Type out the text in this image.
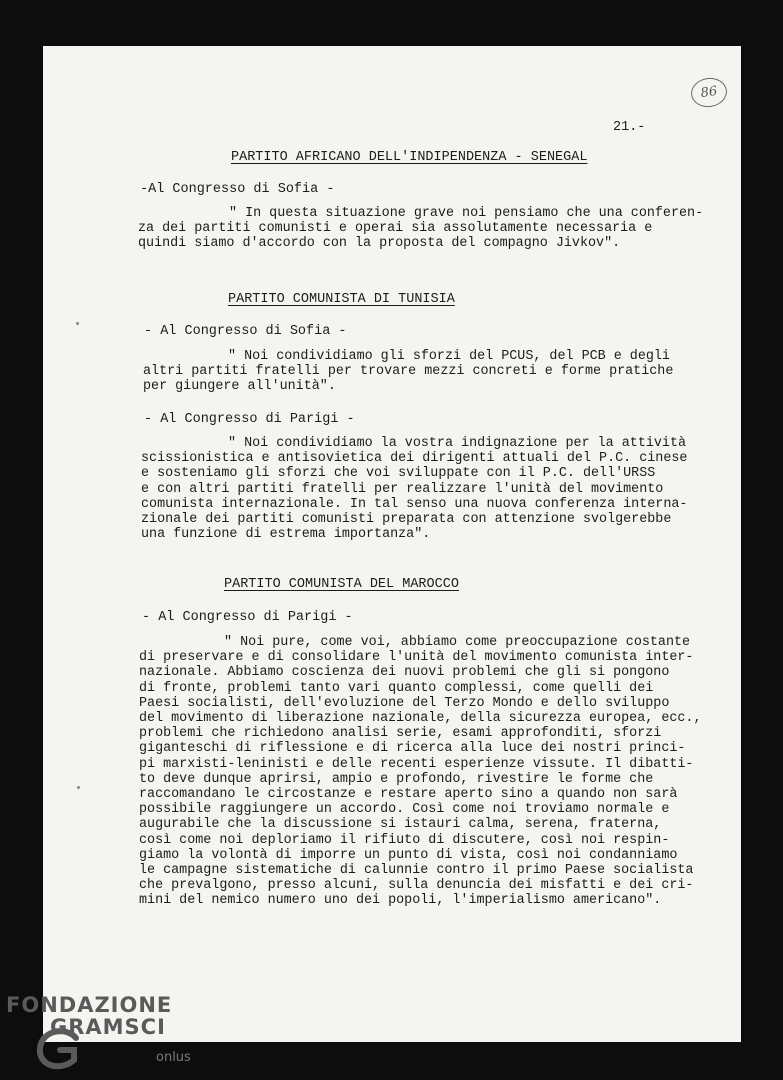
86
21.-
PARTITO AFRICANO DELL'INDIPENDENZA - SENEGAL
-Al Congresso di Sofia -
" In questa situazione grave noi pensiamo che una conferen-
za dei partiti comunisti e operai sia assolutamente necessaria e
quindi siamo d'accordo con la proposta del compagno Jivkov".
PARTITO COMUNISTA DI TUNISIA
- Al Congresso di Sofia -
" Noi condividiamo gli sforzi del PCUS, del PCB e degli
altri partiti fratelli per trovare mezzi concreti e forme pratiche
per giungere all'unità".
- Al Congresso di Parigi -
" Noi condividiamo la vostra indignazione per la attività
scissionistica e antisovietica dei dirigenti attuali del P.C. cinese
e sosteniamo gli sforzi che voi sviluppate con il P.C. dell'URSS
e con altri partiti fratelli per realizzare l'unità del movimento
comunista internazionale. In tal senso una nuova conferenza interna-
zionale dei partiti comunisti preparata con attenzione svolgerebbe
una funzione di estrema importanza".
PARTITO COMUNISTA DEL MAROCCO
- Al Congresso di Parigi -
" Noi pure, come voi, abbiamo come preoccupazione costante
di preservare e di consolidare l'unità del movimento comunista inter-
nazionale. Abbiamo coscienza dei nuovi problemi che gli si pongono
di fronte, problemi tanto vari quanto complessi, come quelli dei
Paesi socialisti, dell'evoluzione del Terzo Mondo e dello sviluppo
del movimento di liberazione nazionale, della sicurezza europea, ecc.,
problemi che richiedono analisi serie, esami approfonditi, sforzi
giganteschi di riflessione e di ricerca alla luce dei nostri princi-
pi marxisti-leninisti e delle recenti esperienze vissute. Il dibatti-
to deve dunque aprirsi, ampio e profondo, rivestire le forme che
raccomandano le circostanze e restare aperto sino a quando non sarà
possibile raggiungere un accordo. Così come noi troviamo normale e
augurabile che la discussione si istauri calma, serena, fraterna,
così come noi deploriamo il rifiuto di discutere, così noi respin-
giamo la volontà di imporre un punto di vista, così noi condanniamo
le campagne sistematiche di calunnie contro il primo Paese socialista
che prevalgono, presso alcuni, sulla denuncia dei misfatti e dei cri-
mini del nemico numero uno dei popoli, l'imperialismo americano".
FONDAZIONE
GRAMSCI
onlus
